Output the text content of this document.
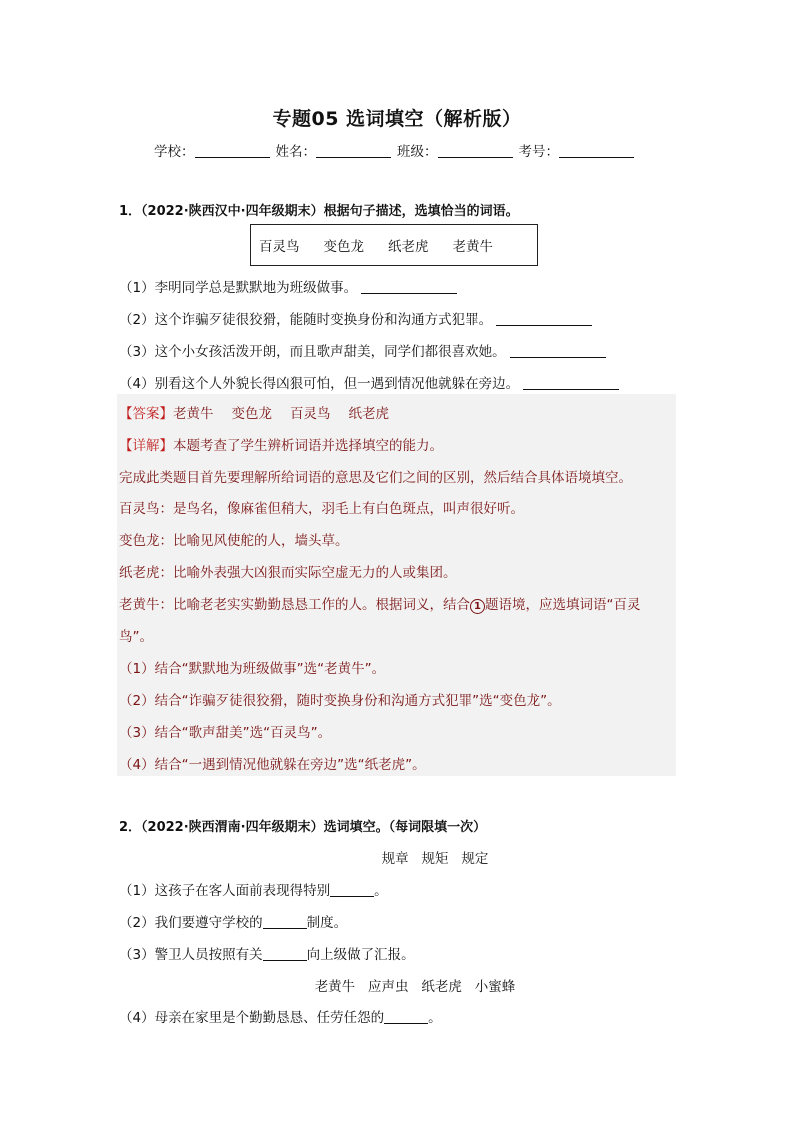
专题05 选词填空（解析版）
学校：	姓名：	班级：	考号：
1．（2022·陕西汉中·四年级期末）根据句子描述，选填恰当的词语。
百灵鸟 变色龙 纸老虎 老黄牛
（1）李明同学总是默默地为班级做事。
（2）这个诈骗歹徒很狡猾，能随时变换身份和沟通方式犯罪。
（3）这个小女孩活泼开朗，而且歌声甜美，同学们都很喜欢她。
（4）别看这个人外貌长得凶狠可怕，但一遇到情况他就躲在旁边。
【答案】老黄牛 变色龙 百灵鸟 纸老虎
【详解】本题考查了学生辨析词语并选择填空的能力。
完成此类题目首先要理解所给词语的意思及它们之间的区别，然后结合具体语境填空。
百灵鸟：是鸟名，像麻雀但稍大，羽毛上有白色斑点，叫声很好听。
变色龙：比喻见风使舵的人，墙头草。
纸老虎：比喻外表强大凶狠而实际空虚无力的人或集团。
老黄牛：比喻老老实实勤勤恳恳工作的人。根据词义，结合 1 题语境，应选填词语“百灵
鸟”。
（1）结合“默默地为班级做事”选“老黄牛”。
（2）结合“诈骗歹徒很狡猾，随时变换身份和沟通方式犯罪”选“变色龙”。
（3）结合“歌声甜美”选“百灵鸟”。
（4）结合“一遇到情况他就躲在旁边”选“纸老虎”。
2．（2022·陕西渭南·四年级期末）选词填空。（每词限填一次）
规章   规矩   规定
（1）这孩子在客人面前表现得特别	。
（2）我们要遵守学校的	制度。
（3）警卫人员按照有关	向上级做了汇报。
老黄牛   应声虫   纸老虎   小蜜蜂
（4）母亲在家里是个勤勤恳恳、任劳任怨的	。
